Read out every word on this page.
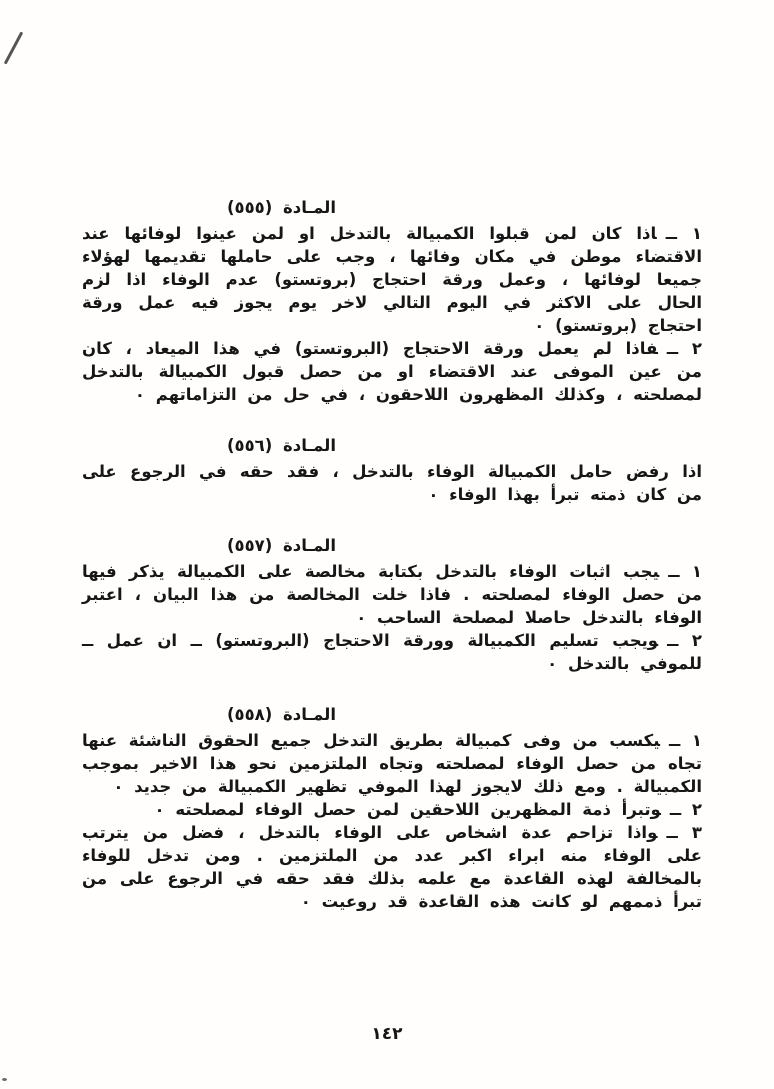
المـادة (٥٥٥)

١ ــاذا كان لمن قبلوا الكمبيالة بالتدخل او لمن عينوا لوفائها عند الاقتضاء موطن في مكان وفائها ، وجب على حاملها تقديمها لهؤلاء جميعا لوفائها ، وعمل ورقة احتجاج (بروتستو) عدم الوفاء اذا لزم الحال على الاكثر في اليوم التالي لاخر يوم يجوز فيه عمل ورقة احتجاج (بروتستو) ٠

٢ ــفاذا لم يعمل ورقة الاحتجاج (البروتستو) في هذا الميعاد ، كان من عين الموفى عند الاقتضاء او من حصل قبول الكمبيالة بالتدخل لمصلحته ، وكذلك المظهرون اللاحقون ، في حل من التزاماتهم ٠

المـادة (٥٥٦)

اذا رفض حامل الكمبيالة الوفاء بالتدخل ، فقد حقه في الرجوع على من كان ذمته تبرأ بهذا الوفاء ٠

المـادة (٥٥٧)

١ ــيجب اثبات الوفاء بالتدخل بكتابة مخالصة على الكمبيالة يذكر فيها من حصل الوفاء لمصلحته . فاذا خلت المخالصة من هذا البيان ، اعتبر الوفاء بالتدخل حاصلا لمصلحة الساحب ٠

٢ ــويجب تسليم الكمبيالة وورقة الاحتجاج (البروتستو) ــ ان عمل ــ للموفي بالتدخل ٠

المـادة (٥٥٨)

١ ــيكسب من وفى كمبيالة بطريق التدخل جميع الحقوق الناشئة عنها تجاه من حصل الوفاء لمصلحته وتجاه الملتزمين نحو هذا الاخير بموجب الكمبيالة . ومع ذلك لايجوز لهذا الموفي تظهير الكمبيالة من جديد ٠

٢ ــوتبرأ ذمة المظهرين اللاحقين لمن حصل الوفاء لمصلحته ٠

٣ ــواذا تزاحم عدة اشخاص على الوفاء بالتدخل ، فضل من يترتب على الوفاء منه ابراء اكبر عدد من الملتزمين . ومن تدخل للوفاء بالمخالفة لهذه القاعدة مع علمه بذلك فقد حقه في الرجوع على من تبرأ ذممهم لو كانت هذه القاعدة قد روعيت ٠

١٤٢
